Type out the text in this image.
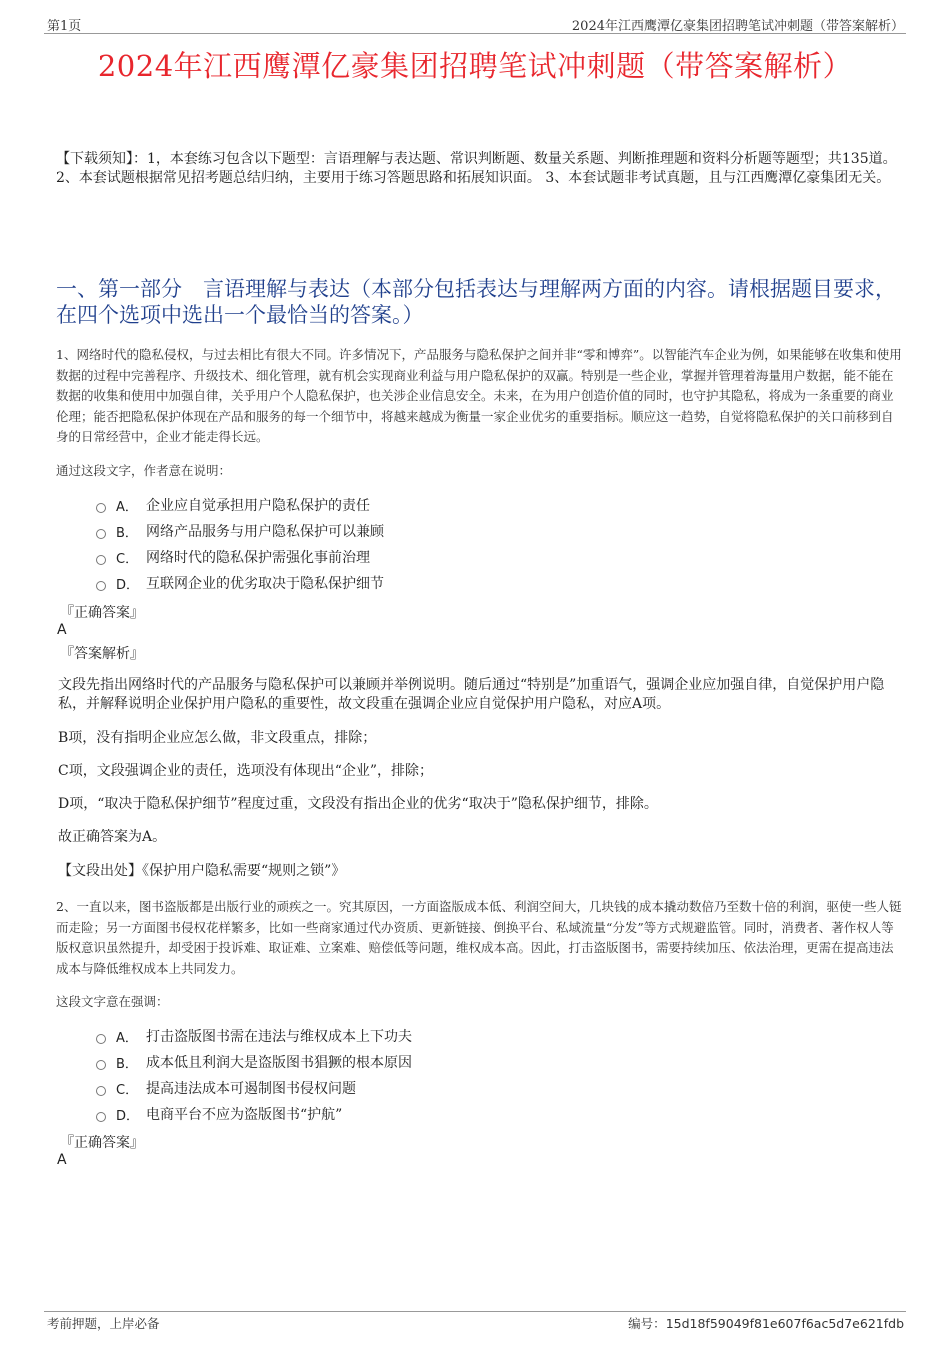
第1页	2024年江西鹰潭亿豪集团招聘笔试冲刺题（带答案解析）
2024年江西鹰潭亿豪集团招聘笔试冲刺题（带答案解析）
【下载须知】：1，本套练习包含以下题型：言语理解与表达题、常识判断题、数量关系题、判断推理题和资料分析题等题型；共135道。 2、本套试题根据常见招考题总结归纳，主要用于练习答题思路和拓展知识面。 3、本套试题非考试真题，且与江西鹰潭亿豪集团无关。
一、第一部分　言语理解与表达（本部分包括表达与理解两方面的内容。请根据题目要求，在四个选项中选出一个最恰当的答案。）
1、网络时代的隐私侵权，与过去相比有很大不同。许多情况下，产品服务与隐私保护之间并非“零和博弈”。以智能汽车企业为例，如果能够在收集和使用数据的过程中完善程序、升级技术、细化管理，就有机会实现商业利益与用户隐私保护的双赢。特别是一些企业，掌握并管理着海量用户数据，能不能在数据的收集和使用中加强自律，关乎用户个人隐私保护，也关涉企业信息安全。未来，在为用户创造价值的同时，也守护其隐私，将成为一条重要的商业伦理；能否把隐私保护体现在产品和服务的每一个细节中，将越来越成为衡量一家企业优劣的重要指标。顺应这一趋势，自觉将隐私保护的关口前移到自身的日常经营中，企业才能走得长远。
通过这段文字，作者意在说明：
A． 企业应自觉承担用户隐私保护的责任
B． 网络产品服务与用户隐私保护可以兼顾
C． 网络时代的隐私保护需强化事前治理
D． 互联网企业的优劣取决于隐私保护细节
『正确答案』
A
『答案解析』
文段先指出网络时代的产品服务与隐私保护可以兼顾并举例说明。随后通过“特别是”加重语气，强调企业应加强自律，自觉保护用户隐私，并解释说明企业保护用户隐私的重要性，故文段重在强调企业应自觉保护用户隐私，对应A项。
B项，没有指明企业应怎么做，非文段重点，排除；
C项，文段强调企业的责任，选项没有体现出“企业”，排除；
D项，“取决于隐私保护细节”程度过重，文段没有指出企业的优劣“取决于”隐私保护细节，排除。
故正确答案为A。
【文段出处】《保护用户隐私需要“规则之锁”》
2、一直以来，图书盗版都是出版行业的顽疾之一。究其原因，一方面盗版成本低、利润空间大，几块钱的成本撬动数倍乃至数十倍的利润，驱使一些人铤而走险；另一方面图书侵权花样繁多，比如一些商家通过代办资质、更新链接、倒换平台、私域流量“分发”等方式规避监管。同时，消费者、著作权人等版权意识虽然提升，却受困于投诉难、取证难、立案难、赔偿低等问题，维权成本高。因此，打击盗版图书，需要持续加压、依法治理，更需在提高违法成本与降低维权成本上共同发力。
这段文字意在强调：
A． 打击盗版图书需在违法与维权成本上下功夫
B． 成本低且利润大是盗版图书猖獗的根本原因
C． 提高违法成本可遏制图书侵权问题
D． 电商平台不应为盗版图书“护航”
『正确答案』
A
考前押题，上岸必备	编号：15d18f59049f81e607f6ac5d7e621fdb
